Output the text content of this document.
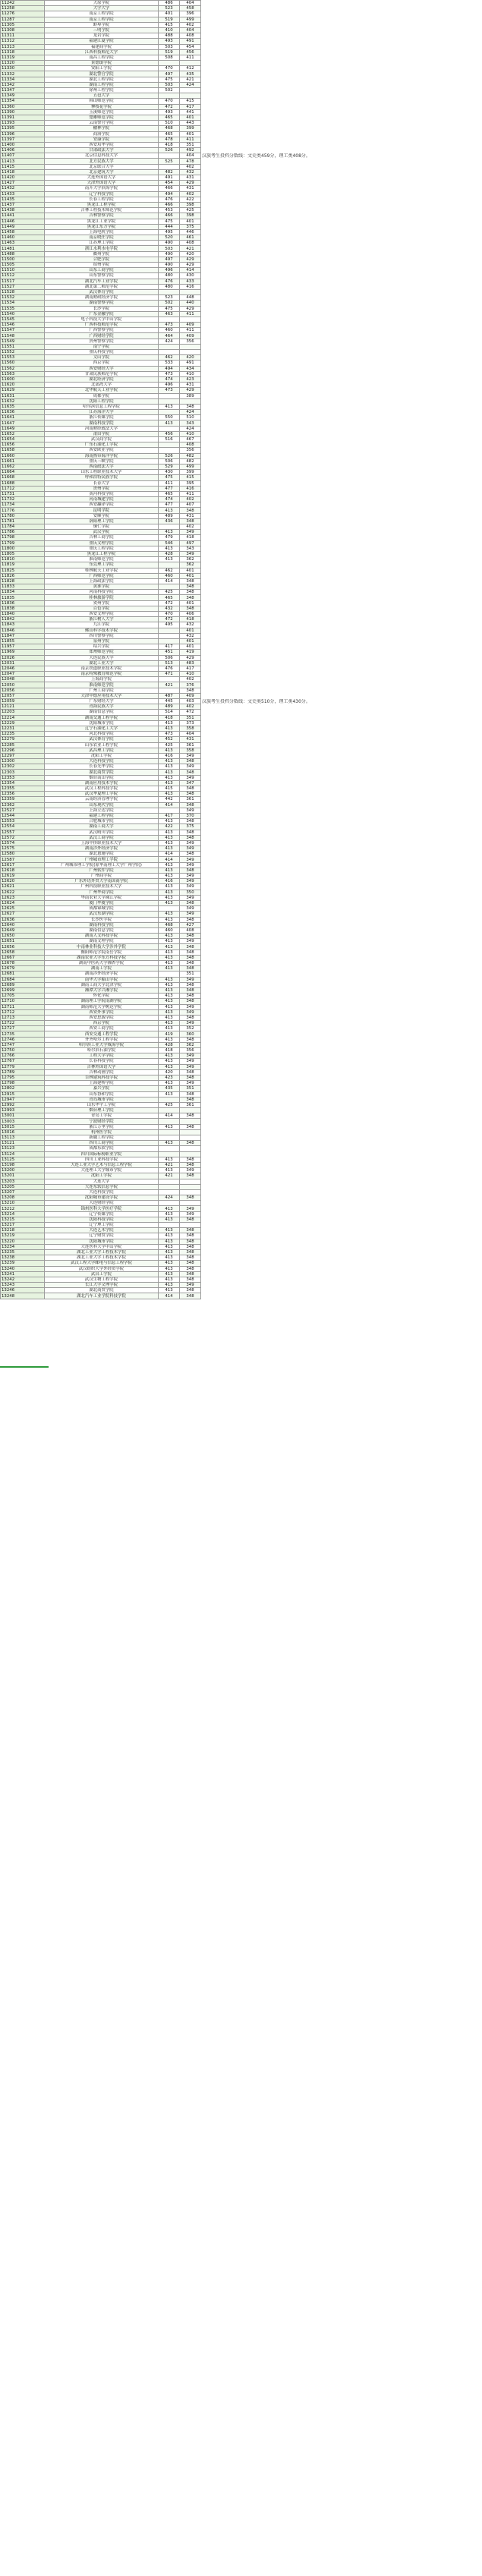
11242	大原学院	486	404	
11258	大学大学	523	458	
11276	南京工程学院	401	396	
11287	南京工程学院	519	499	
11305	蚌埠学院	415	402	
11308	三明学院	410	404	
11311	龙岩学院	488	408	
11312	福建江夏学院	493	491	
11313	福建商学院	503	454	
11318	江西科技师范大学	519	456	
11319	南昌工程学院	508	411	
11320	景德镇学院			
11330	安阳工学院	470	412	
11332	湖北警官学院	497	435	
11334	湖北工程学院	475	421	
11342	湖南工程学院	503	424	
11347	徐州工程学院	502		
11349	五邑大学			
11354	韩山师范学院	470	415	
11360	攀枝花学院	472	417	
11390	玉溪师范学院	493	441	
11391	楚雄师范学院	465	401	
11393	云南警官学院	510	443	
11395	榆林学院	468	399	
11396	商洛学院	465	401	
11397	安康学院	478	411	
11400	西安培华学院	418	351	
11406	甘肃政法大学	526	492	
11407	北京信息科技大学		404	汉族考生投档分数线：文史类459分，理工类408分。
11413	北方民族大学	525	478	
11415	北京联合大学		402	
11418	北京建筑大学	482	432	
11420	大连外国语大学	491	431	
11427	天津外国语大学	454	429	
11432	南开大学滨海学院	466	431	
11433	辽宁科技学院	494	402	
11435	长春工程学院	476	422	
11437	黑龙江工程学院	466	398	
11438	吉林工程技术师范学院	453	425	
11441	吉林警察学院	466	398	
11446	黑龙江工业学院	475	401	
11449	黑龙江东方学院	444	375	
11458	上海电机学院	495	446	
11460	南京晓庄学院	520	461	
11463	江苏理工学院	490	408	
11481	浙江水利水电学院	503	421	
11488	衢州学院	490	420	
11500	合肥学院	497	429	
11505	宿州学院	490	429	
11510	山东工商学院	496	414	
11512	山东警察学院	480	430	
11517	湖北汽车工业学院	476	433	
11527	湖北第二师范学院	480	416	
11528	武汉体育学院			
11532	湖南财政经济学院	523	448	
11534	湖南警察学院	502	440	
11535	长沙学院	475	429	
11540	广东金融学院	463	411	
11545	电子科技大学中山学院			
11546	广西科技师范学院	473	409	
11547	广西警察学院	460	411	
11548	广西财经学院	464	409	
11549	贵州警察学院	424	356	
11551	南宁学院			
11552	重庆科技学院			
11553	文山学院	462	420	
11560	西京学院	533	491	
11562	西安财经大学	494	434	
11563	甘肃民族师范学院	473	410	
11600	湖北经济学院	474	423	
11620	北部湾大学	496	431	
11629	北华航天工业学院	473	429	
11631	成都学院		389	
11632	沈阳工程学院			
11635	哈尔滨信息工程学院	413	348	
11636	江苏海洋大学		424	
11641	浙江传媒学院	550	510	
11647	湖南科技学院	413	343	
11649	河南财经政法大学		424	
11652	莆田学院	456	410	
11654	武汉商学院	516	467	
11656	广东石油化工学院		408	
11658	西安欧亚学院		356	
11660	海南热带海洋学院	526	482	
11661	重庆三峡学院	506	482	
11662	西南政法大学	529	499	
11664	山东工程职业技术大学	430	399	
11668	呼和浩特民族学院	475	415	
11688	长春大学	411	395	
11712	贵州学院	477	416	
11731	黄河科技学院	465	411	
11732	河南城建学院	474	402	
11734	西安翻译学院	477	407	
11776	昆明学院	413	348	
11780	安顺学院	489	431	
11781	洛阳理工学院	436	348	
11784	铜仁学院		402	
11786	武汉学院	413	349	
11798	吉林工商学院	479	418	
11799	重庆文理学院	546	497	
11800	重庆工程学院	413	343	
11805	黑龙江工程学院	428	349	
11810	淮南师范学院	413	362	
11819	东莞理工学院		362	
11825	桂林航天工业学院	462	401	
11826	广西师范学院	460	401	
11828	上海政法学院	414	348	
11833	黄淮学院		348	
11834	河南科技学院	425	348	
11835	桂林旅游学院	465	348	
11836	贺州学院	472	401	
11838	百色学院	432	348	
11840	西安文理学院	470	406	
11842	浙江树人大学	472	418	
11843	九江学院	495	432	
11846	佛山科学技术学院		401	
11847	四川警察学院		432	
11855	泉州学院		401	
11957	绍兴学院	417	401	
11969	郑州师范学院	451	419	
12026	大连民族大学	506	429	
12031	湖北工业大学	513	483	
12046	南京铁道职业技术学院	476	417	
12047	南京特殊教育师范学院	471	410	
12048	上海商学院		402	
12050	淮南师范学院	421	376	
12056	广州工商学院		348	
12057	天津中德应用技术大学	487	409	
12059	广东财经大学	445	403	汉族考生投档分数线：文史类510分，理工类430分。
12121	青海民族大学	489	402	
12203	湖南信息学院	514	472	
12214	湖南交通工程学院	418	351	
12229	沈阳城市学院	413	373	
12231	辽宁石油化工大学	413	358	
12235	河北科技学院	473	404	
12279	武汉体育学院	452	431	
12285	山东农业工程学院	425	361	
12296	武昌理工学院	413	358	
12297	沈阳工学院	416	349	
12300	大连科技学院	413	348	
12302	长春光华学院	413	349	
12303	湖北商贸学院	413	348	
12353	烟台南山学院	413	349	
12354	湖南应用技术学院	413	347	
12355	武汉工程科技学院	415	348	
12356	武汉华夏理工学院	413	348	
12359	云南经济管理学院	442	361	
12362	山东现代学院	414	348	
12527	上海立达学院		349	
12544	福建工程学院	417	370	
12553	合肥城市学院	413	348	
12554	湖南工商大学	422	375	
12557	武汉晴川学院	413	348	
12572	武汉工商学院	413	348	
12574	上海中侨职业技术大学	413	349	
12575	湖南涉外经济学院	413	349	
12580	湖北恩施学院	414	348	
12587	广州城市理工学院	414	349	
12617	广州城市理工学院(原华南理工大学广州学院)	413	349	
12618	广州软件学院	413	348	
12619	广州商学院	413	349	
12620	广东外语外贸大学南国商学院	416	349	
12621	广州科技职业技术大学	413	349	
12622	广州华商学院	413	350	
12623	华南农业大学珠江学院	413	349	
12624	厦门华厦学院	413	348	
12625	成都锦城学院		349	
12627	武汉东湖学院	413	349	
12636	长沙医学院	413	348	
12640	湖南科技学院	468	427	
12649	湖南信息学院	460	408	
12650	湖南人文科技学院	413	348	
12651	湖南文理学院	413	349	
12656	中南林业科技大学涉外学院	413	348	
12658	衡阳师范学院南岳学院	413	348	
12667	湖南农业大学东方科技学院	413	348	
12678	湖南中医药大学湘杏学院	413	348	
12679	湖南工学院	413	348	
12681	湖南涉外经济学院		351	
12684	南华大学船山学院	413	349	
12689	湖南工商大学北津学院	413	348	
12699	湘潭大学兴湘学院	413	348	
12705	怀化学院	413	348	
12710	湖南理工学院南湖学院	413	348	
12711	湖南师范大学树达学院	413	349	
12712	西安外事学院	413	349	
12713	西安思源学院	413	348	
12722	西京学院	413	349	
12727	西安工商学院	413	352	
12735	西安交通工程学院	419	360	
12746	齐齐哈尔工程学院	413	348	
12747	哈尔滨工业大学威海学院	428	362	
12750	哈尔滨石油学院	418	356	
12766	工程大学学院	413	349	
12767	长春科技学院	413	349	
12779	吉林外国语大学	413	349	
12789	吉林动画学院	420	348	
12795	吉林建筑科技学院	423	348	
12798	上海建桥学院	413	349	
12802	嘉兴学院	435	351	
12915	山东协和学院	413	348	
12947	青岛城市学院		348	
12992	山东华宇工学院	425	361	
12993	烟台理工学院			
13001	青岛工学院	414	348	
13003	宁波财经学院			
13015	浙江万里学院	413	348	
13016	杭州医学院			
13113	新疆工程学院			
13121	四川工商学院	413	348	
13123	成都东软学院			
13124	四川国际标榜职业学院			
13125	四川工业科技学院	413	348	
13198	大连工业大学艺术与信息工程学院	421	348	
13200	大连理工大学城市学院	413	349	
13201	沈阳工学院	421	348	
13203	大连大学			
13205	大连东软信息学院			
13207	大连科技学院			
13208	沈阳城市建设学院	424	348	
13210	大连财经学院			
13212	锦州医科大学医疗学院	413	349	
13214	辽宁传媒学院	413	349	
13215	沈阳科技学院	413	348	
13217	辽宁理工学院			
13218	大连艺术学院	413	348	
13219	辽宁财贸学院	413	348	
13220	沈阳城市学院	413	348	
13234	大连医科大学中山学院	413	348	
13235	湖北工业大学工程技术学院	413	348	
13238	湖北工业大学工程技术学院	413	348	
13239	武汉工程大学邮电与信息工程学院	413	348	
13240	武汉纺织大学外经贸学院	413	348	
13241	武昌工学院	413	348	
13242	武汉生物工程学院	413	348	
13243	长江大学文理学院	413	349	
13246	湖北商贸学院	413	348	
13248	湖北汽车工业学院科技学院	414	348	
